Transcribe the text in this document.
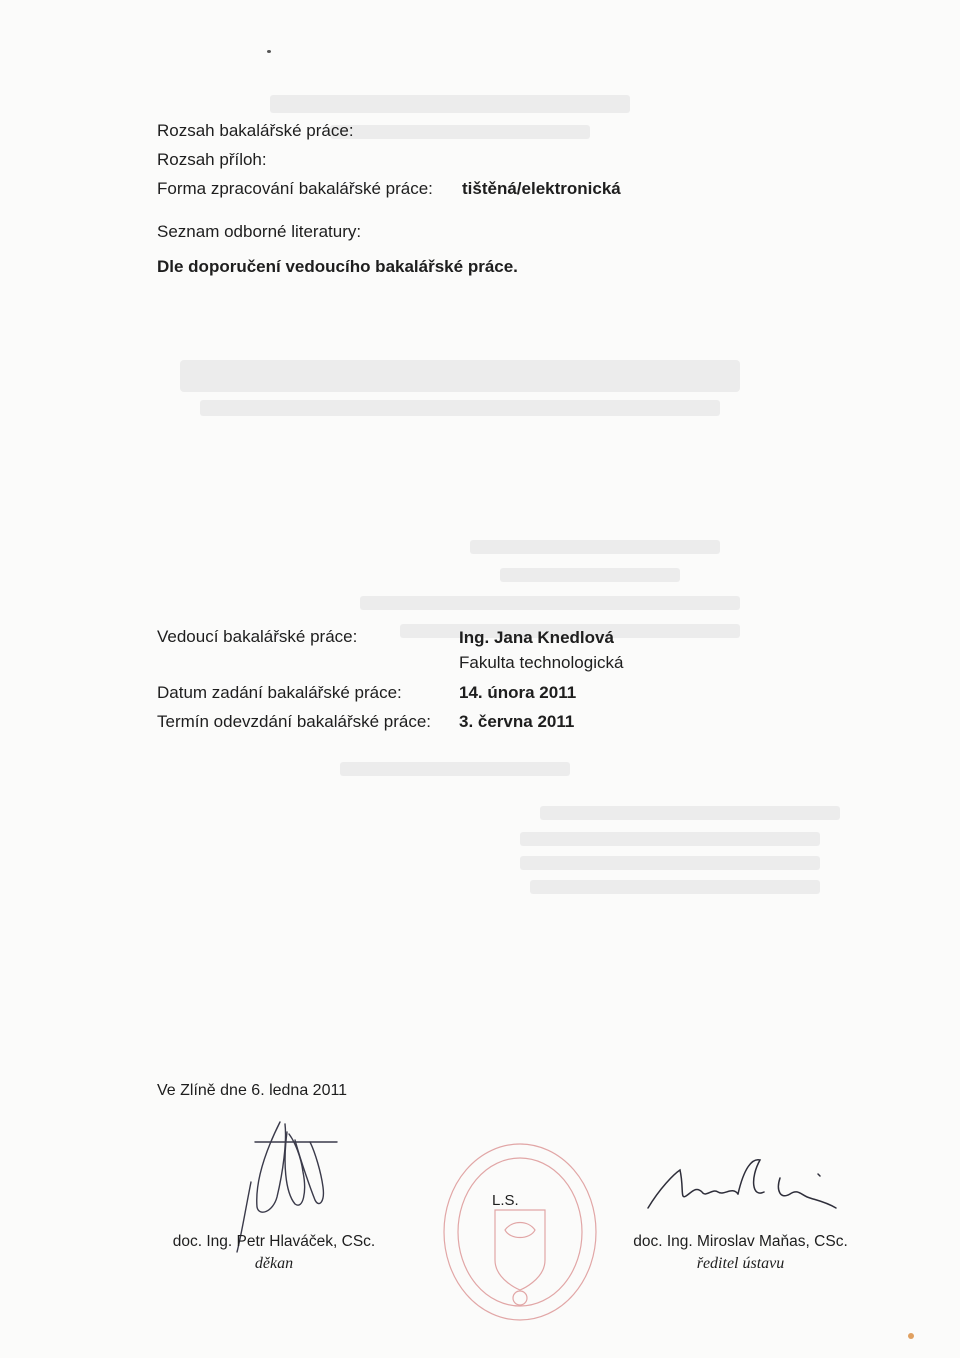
Rozsah bakalářské práce:
Rozsah příloh:
Forma zpracování bakalářské práce: tištěná/elektronická
Seznam odborné literatury:
Dle doporučení vedoucího bakalářské práce.
Vedoucí bakalářské práce:	Ing. Jana Knedlová
Fakulta technologická
Datum zadání bakalářské práce:	14. února 2011
Termín odevzdání bakalářské práce: 3. června 2011
Ve Zlíně dne 6. ledna 2011
doc. Ing. Petr Hlaváček, CSc.
děkan
L.S.
doc. Ing. Miroslav Maňas, CSc.
ředitel ústavu
